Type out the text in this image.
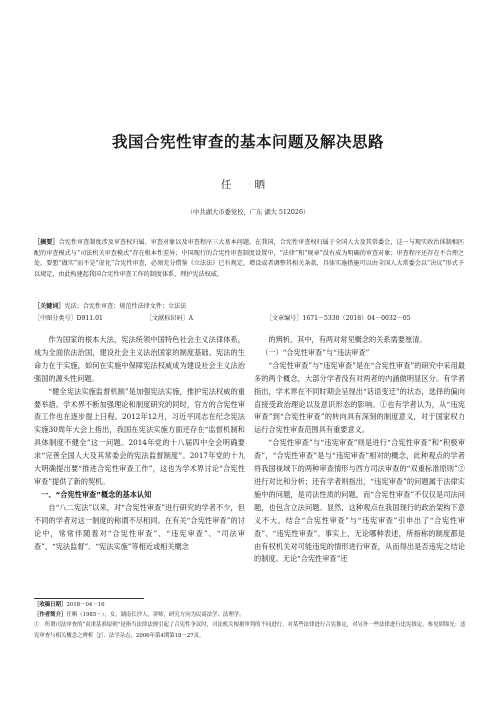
我国合宪性审查的基本问题及解决思路
任 晒
（中共湖大市委党校，广东 湖大 512026）
［摘要］合宪性审查制度涉及审查权归属、审查对象以及审查程序三大基本问题。在我国，合宪性审查权归属于全国人大及其常委会，这一与现实政治体制相匹配的审查模式与“司法机关审查模式”存在根本性差异；中国现行的合宪性审查制度设置中，“法律”和“规章”没有成为明确的审查对象；审查程序还存在不合理之处。要想“做实”而不是“虚化”合宪性审查，必须充分借鉴《立法法》已有规定，增设或者调整其相关条款，具体实施措施可以由全国人大常委会以“决议”形式予以规定，由此构建起我国合宪性审查工作的制度体系，理护宪法权威。
［关键词］宪法；合宪性审查；规范性法律文件；立法法
［中图分类号］D911.01	［文献标识码］A	［文章编号］1671－5330（2018）04－0032－05

作为国家的根本大法，宪法统领中国特色社会主义法律体系，成为全面依法治国，建设社会主义法治国家的制度基础。宪法的生命力在于实施，如何在实施中保障宪法权威成为建设社会主义法治强国的源头性问题。

“健全宪法实施监督机制”是加强宪法实施，推护宪法权威的重要举措。学术界不断加强理论和制度研究的同时，官方的合宪性审查工作也在逐步提上日程。2012年12月，习近平同志在纪念宪法实施30周年大会上指出，我国在宪法实施方面还存在“监督机制和具体制度不健全”这一问题。2014年党的十八届四中全会明确要求“完善全国人大及其常委会的宪法监督制度”。2017年党的十九大明确提出要“推进合宪性审查工作”，这也为学术界讨论“合宪性审查”提供了新的契机。

一、“合宪性审查”概念的基本认知

自“八二宪法”以来，对“合宪性审查”进行研究的学者不少，但不同的学者对这一制度的称谓不尽相同。在有关“合宪性审查”的讨论中，常常伴随着对“合宪性审查”、“违宪审查”、“司法审查”、“宪法监督”、“宪法实施”等相近或相关概念

的辨析。其中，有两对常见概念的关系需要厘清。

（一）“合宪性审查”与“违法审查”

“合宪性审查”与“违宪审查”是在“合宪性审查”的研究中采用最多的两个概念，大部分学者没有对两者的内涵做明显区分。有学者指出，学术界在不同时期会呈现出“话语变迁”的状态，选择的偏向直接受政治理论以及意识形态的影响。①也有学者认为，从“违宪审查”到“合宪性审查”的转向具有深刻的制度意义，对于国家权力运行合宪性审查范围具有重要意义。

“合宪性审查”与“违宪审查”则是进行“合宪性审查”和“积极审查”，“合宪性审查”是与“违宪审查”相对的概念，此种观点的学者将我国视域下的两种审查情形与西方司法审查的“双重标准原则”②进行对比和分析；还有学者则指出，“违宪审查”的问题属于法律实施中的问题，是司法性质的问题，而“合宪性审查”不仅仅是司法问题，也包含立法问题。显然，这种观点在我国现行的政治架构下意义不大。结合“合宪性审查”与“违宪审查”引申出了“合宪性审查”、“违宪性审查”。事实上，无论哪种表述，所指称的制度都是由有权机关对可能违宪的情形进行审查，从而得出是否违宪之结论的制度。无论“合宪性审查”还

［收稿日期］2018－04－16
［作者简介］任晒（1985－），女，湖南长沙人，讲师，研究方向为民商法学、法理学。
①　所谓司法审查的“双重基准原则”是指当法律法规引起了合宪性争议时，司法机关根据审判的不同进行，对某些法律进行合宪推定，对另外一些法律进行违宪推定。参见胡锦光：违宪审查与相关概念之辨析［J］．法学杂志，2006年第4期第18－27页。
